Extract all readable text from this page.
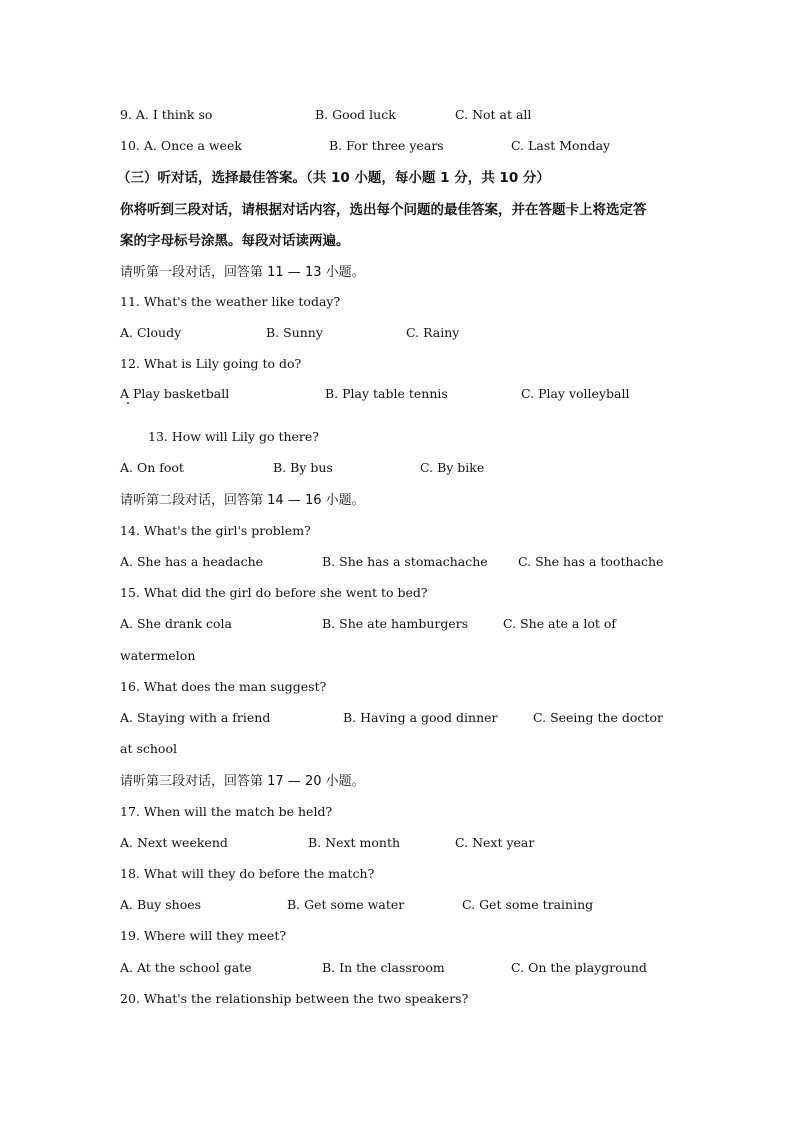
9. A. I think so	B. Good luck	C. Not at all
10. A. Once a week	B. For three years	C. Last Monday
（三）听对话，选择最佳答案。（共 10 小题，每小题 1 分，共 10 分）
你将听到三段对话，请根据对话内容，选出每个问题的最佳答案，并在答题卡上将选定答
案的字母标号涂黑。每段对话读两遍。
请听第一段对话，回答第 11 — 13 小题。
11. What's the weather like today?
A. Cloudy	B. Sunny	C. Rainy
12. What is Lily going to do?
A Play basketball	B. Play table tennis	C. Play volleyball
13. How will Lily go there?
A. On foot	B. By bus	C. By bike
请听第二段对话，回答第 14 — 16 小题。
14. What's the girl's problem?
A. She has a headache	B. She has a stomachache C. She has a toothache
15. What did the girl do before she went to bed?
A. She drank cola	B. She ate hamburgers	C. She ate a lot of
watermelon
16. What does the man suggest?
A. Staying with a friend	B. Having a good dinner	C. Seeing the doctor
at school
请听第三段对话，回答第 17 — 20 小题。
17. When will the match be held?
A. Next weekend	B. Next month	C. Next year
18. What will they do before the match?
A. Buy shoes	B. Get some water	C. Get some training
19. Where will they meet?
A. At the school gate	B. In the classroom	C. On the playground
20. What's the relationship between the two speakers?
